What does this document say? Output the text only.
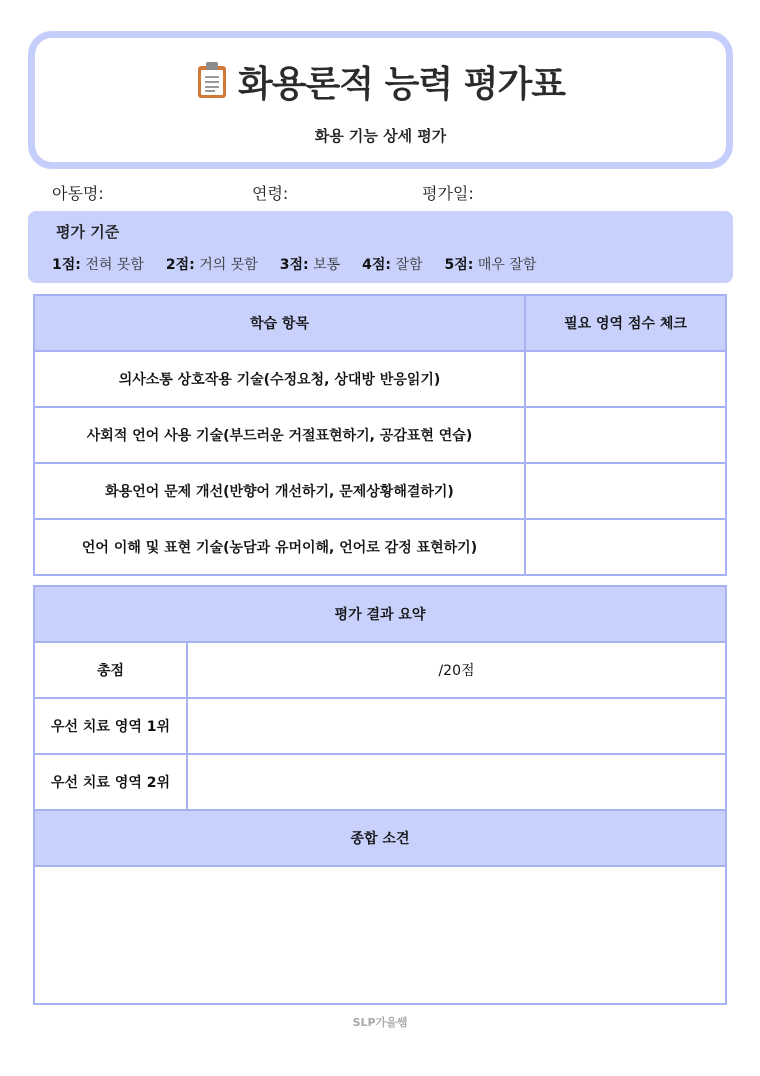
화용론적 능력 평가표
화용 기능 상세 평가
아동명:	연령:	평가일:
평가 기준
1점: 전혀 못함 2점: 거의 못함 3점: 보통 4점: 잘함 5점: 매우 잘함
학습 항목	필요 영역 점수 체크
의사소통 상호작용 기술(수정요청, 상대방 반응읽기)	
사회적 언어 사용 기술(부드러운 거절표현하기, 공감표현 연습)	
화용언어 문제 개선(반향어 개선하기, 문제상황해결하기)	
언어 이해 및 표현 기술(농담과 유머이해, 언어로 감정 표현하기)	
평가 결과 요약	
총점	/20점
우선 치료 영역 1위	
우선 치료 영역 2위	
종합 소견	

SLP가을쌤
